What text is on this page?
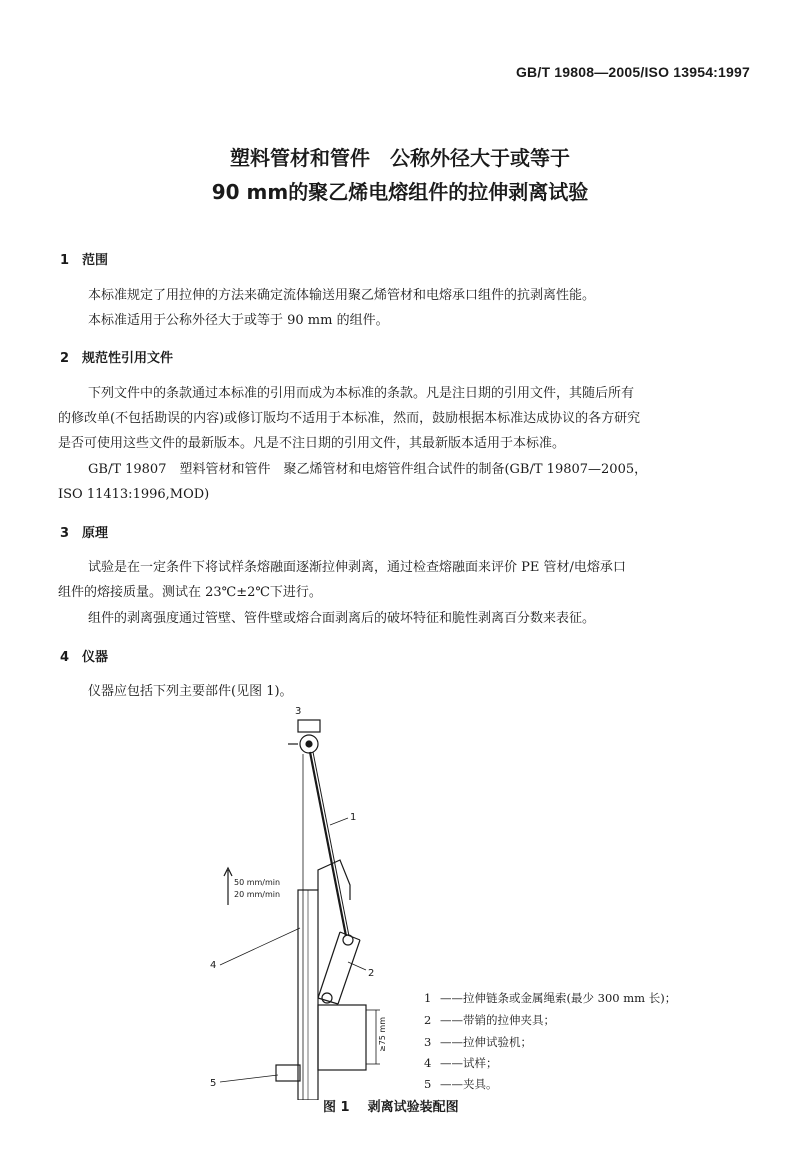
GB/T 19808—2005/ISO 13954:1997
塑料管材和管件　公称外径大于或等于
90 mm的聚乙烯电熔组件的拉伸剥离试验
1 范围
本标准规定了用拉伸的方法来确定流体输送用聚乙烯管材和电熔承口组件的抗剥离性能。
本标准适用于公称外径大于或等于 90 mm 的组件。
2 规范性引用文件
下列文件中的条款通过本标准的引用而成为本标准的条款。凡是注日期的引用文件，其随后所有
的修改单(不包括勘误的内容)或修订版均不适用于本标准，然而，鼓励根据本标准达成协议的各方研究
是否可使用这些文件的最新版本。凡是不注日期的引用文件，其最新版本适用于本标准。
GB/T 19807　塑料管材和管件　聚乙烯管材和电熔管件组合试件的制备(GB/T 19807—2005，
ISO 11413:1996,MOD)
3 原理
试验是在一定条件下将试样条熔融面逐渐拉伸剥离，通过检查熔融面来评价 PE 管材/电熔承口
组件的熔接质量。测试在 23℃±2℃下进行。
组件的剥离强度通过管壁、管件壁或熔合面剥离后的破坏特征和脆性剥离百分数来表征。
4 仪器
仪器应包括下列主要部件(见图 1)。
3
1
2
4
5
50 mm/min
20 mm/min
≥75 mm
1 ——拉伸链条或金属绳索(最少 300 mm 长)；
2 ——带销的拉伸夹具；
3 ——拉伸试验机；
4 ——试样；
5 ——夹具。
图 1 剥离试验装配图
